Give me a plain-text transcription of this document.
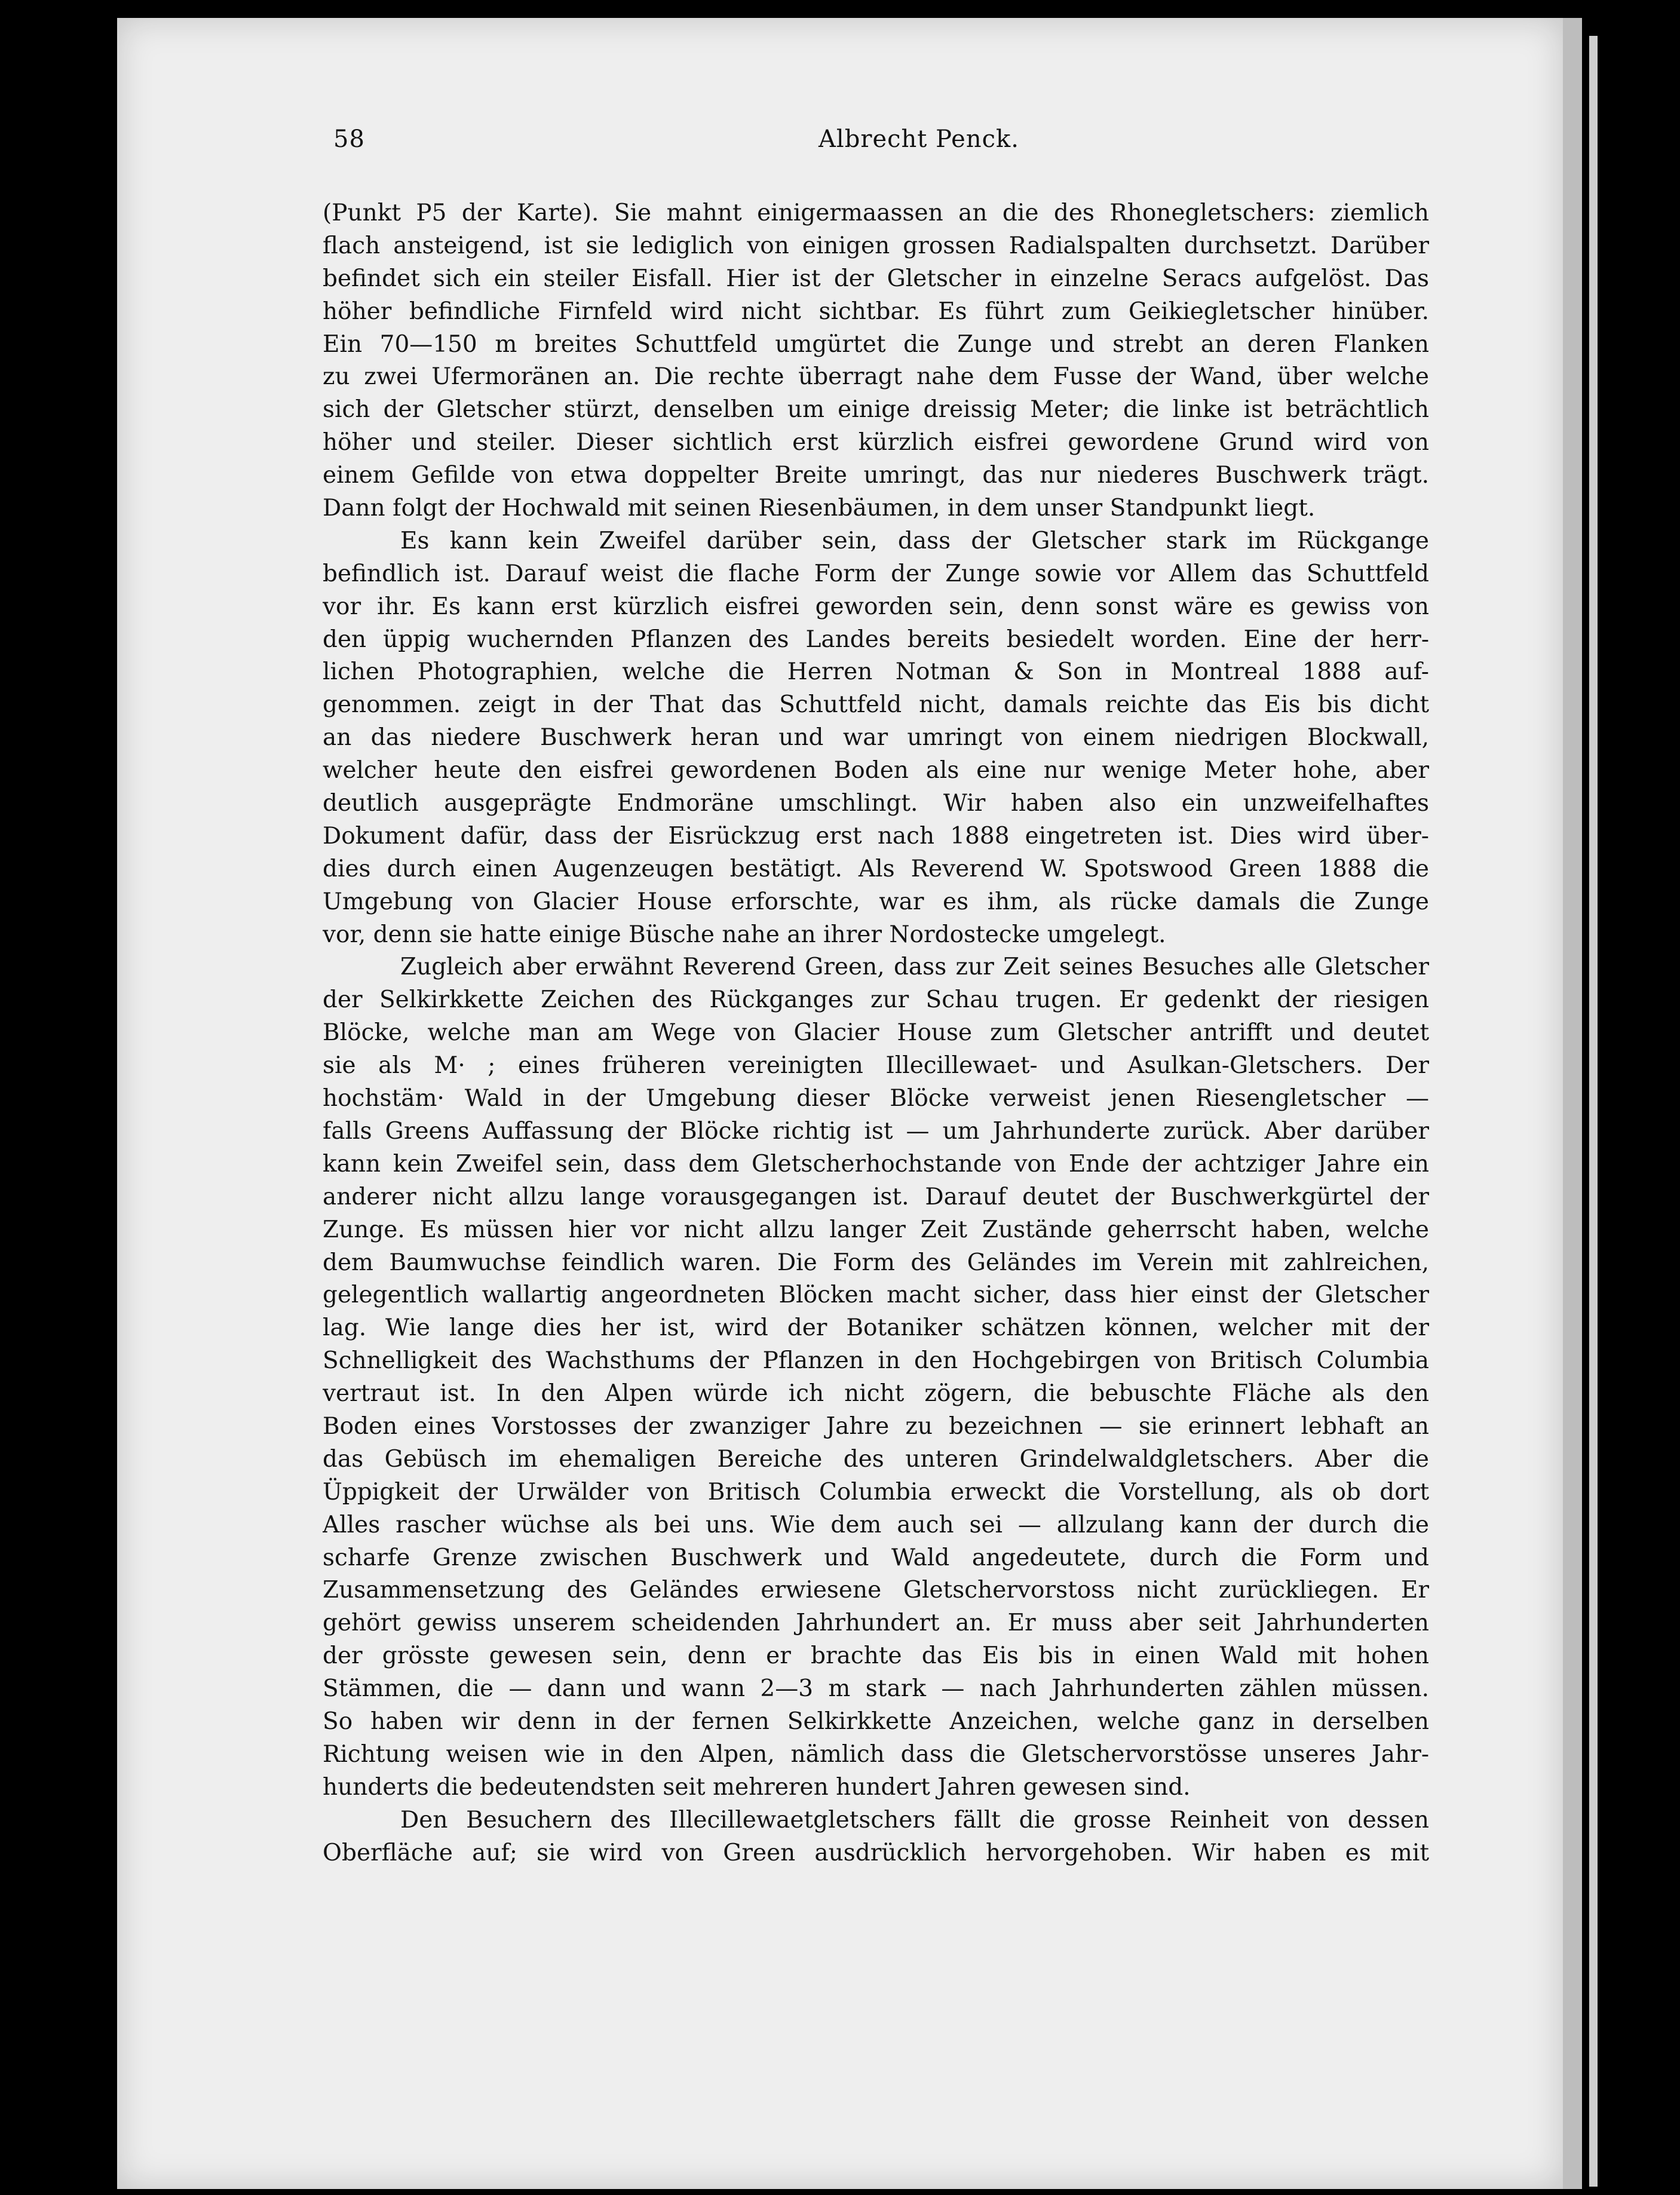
58	Albrecht Penck.
(Punkt P5 der Karte). Sie mahnt einigermaassen an die des Rhonegletschers: ziemlich
flach ansteigend, ist sie lediglich von einigen grossen Radialspalten durchsetzt. Darüber
befindet sich ein steiler Eisfall. Hier ist der Gletscher in einzelne Seracs aufgelöst. Das
höher befindliche Firnfeld wird nicht sichtbar. Es führt zum Geikiegletscher hinüber.
Ein 70—150 m breites Schuttfeld umgürtet die Zunge und strebt an deren Flanken
zu zwei Ufermoränen an. Die rechte überragt nahe dem Fusse der Wand, über welche
sich der Gletscher stürzt, denselben um einige dreissig Meter; die linke ist beträchtlich
höher und steiler. Dieser sichtlich erst kürzlich eisfrei gewordene Grund wird von
einem Gefilde von etwa doppelter Breite umringt, das nur niederes Buschwerk trägt.
Dann folgt der Hochwald mit seinen Riesenbäumen, in dem unser Standpunkt liegt.
Es kann kein Zweifel darüber sein, dass der Gletscher stark im Rückgange
befindlich ist. Darauf weist die flache Form der Zunge sowie vor Allem das Schuttfeld
vor ihr. Es kann erst kürzlich eisfrei geworden sein, denn sonst wäre es gewiss von
den üppig wuchernden Pflanzen des Landes bereits besiedelt worden. Eine der herr-
lichen Photographien, welche die Herren Notman & Son in Montreal 1888 auf-
genommen. zeigt in der That das Schuttfeld nicht, damals reichte das Eis bis dicht
an das niedere Buschwerk heran und war umringt von einem niedrigen Blockwall,
welcher heute den eisfrei gewordenen Boden als eine nur wenige Meter hohe, aber
deutlich ausgeprägte Endmoräne umschlingt. Wir haben also ein unzweifelhaftes
Dokument dafür, dass der Eisrückzug erst nach 1888 eingetreten ist. Dies wird über-
dies durch einen Augenzeugen bestätigt. Als Reverend W. Spotswood Green 1888 die
Umgebung von Glacier House erforschte, war es ihm, als rücke damals die Zunge
vor, denn sie hatte einige Büsche nahe an ihrer Nordostecke umgelegt.
Zugleich aber erwähnt Reverend Green, dass zur Zeit seines Besuches alle Gletscher
der Selkirkkette Zeichen des Rückganges zur Schau trugen. Er gedenkt der riesigen
Blöcke, welche man am Wege von Glacier House zum Gletscher antrifft und deutet
sie als M· ; eines früheren vereinigten Illecillewaet- und Asulkan-Gletschers. Der
hochstäm· Wald in der Umgebung dieser Blöcke verweist jenen Riesengletscher —
falls Greens Auffassung der Blöcke richtig ist — um Jahrhunderte zurück. Aber darüber
kann kein Zweifel sein, dass dem Gletscherhochstande von Ende der achtziger Jahre ein
anderer nicht allzu lange vorausgegangen ist. Darauf deutet der Buschwerkgürtel der
Zunge. Es müssen hier vor nicht allzu langer Zeit Zustände geherrscht haben, welche
dem Baumwuchse feindlich waren. Die Form des Geländes im Verein mit zahlreichen,
gelegentlich wallartig angeordneten Blöcken macht sicher, dass hier einst der Gletscher
lag. Wie lange dies her ist, wird der Botaniker schätzen können, welcher mit der
Schnelligkeit des Wachsthums der Pflanzen in den Hochgebirgen von Britisch Columbia
vertraut ist. In den Alpen würde ich nicht zögern, die bebuschte Fläche als den
Boden eines Vorstosses der zwanziger Jahre zu bezeichnen — sie erinnert lebhaft an
das Gebüsch im ehemaligen Bereiche des unteren Grindelwaldgletschers. Aber die
Üppigkeit der Urwälder von Britisch Columbia erweckt die Vorstellung, als ob dort
Alles rascher wüchse als bei uns. Wie dem auch sei — allzulang kann der durch die
scharfe Grenze zwischen Buschwerk und Wald angedeutete, durch die Form und
Zusammensetzung des Geländes erwiesene Gletschervorstoss nicht zurückliegen. Er
gehört gewiss unserem scheidenden Jahrhundert an. Er muss aber seit Jahrhunderten
der grösste gewesen sein, denn er brachte das Eis bis in einen Wald mit hohen
Stämmen, die — dann und wann 2—3 m stark — nach Jahrhunderten zählen müssen.
So haben wir denn in der fernen Selkirkkette Anzeichen, welche ganz in derselben
Richtung weisen wie in den Alpen, nämlich dass die Gletschervorstösse unseres Jahr-
hunderts die bedeutendsten seit mehreren hundert Jahren gewesen sind.
Den Besuchern des Illecillewaetgletschers fällt die grosse Reinheit von dessen
Oberfläche auf; sie wird von Green ausdrücklich hervorgehoben. Wir haben es mit
